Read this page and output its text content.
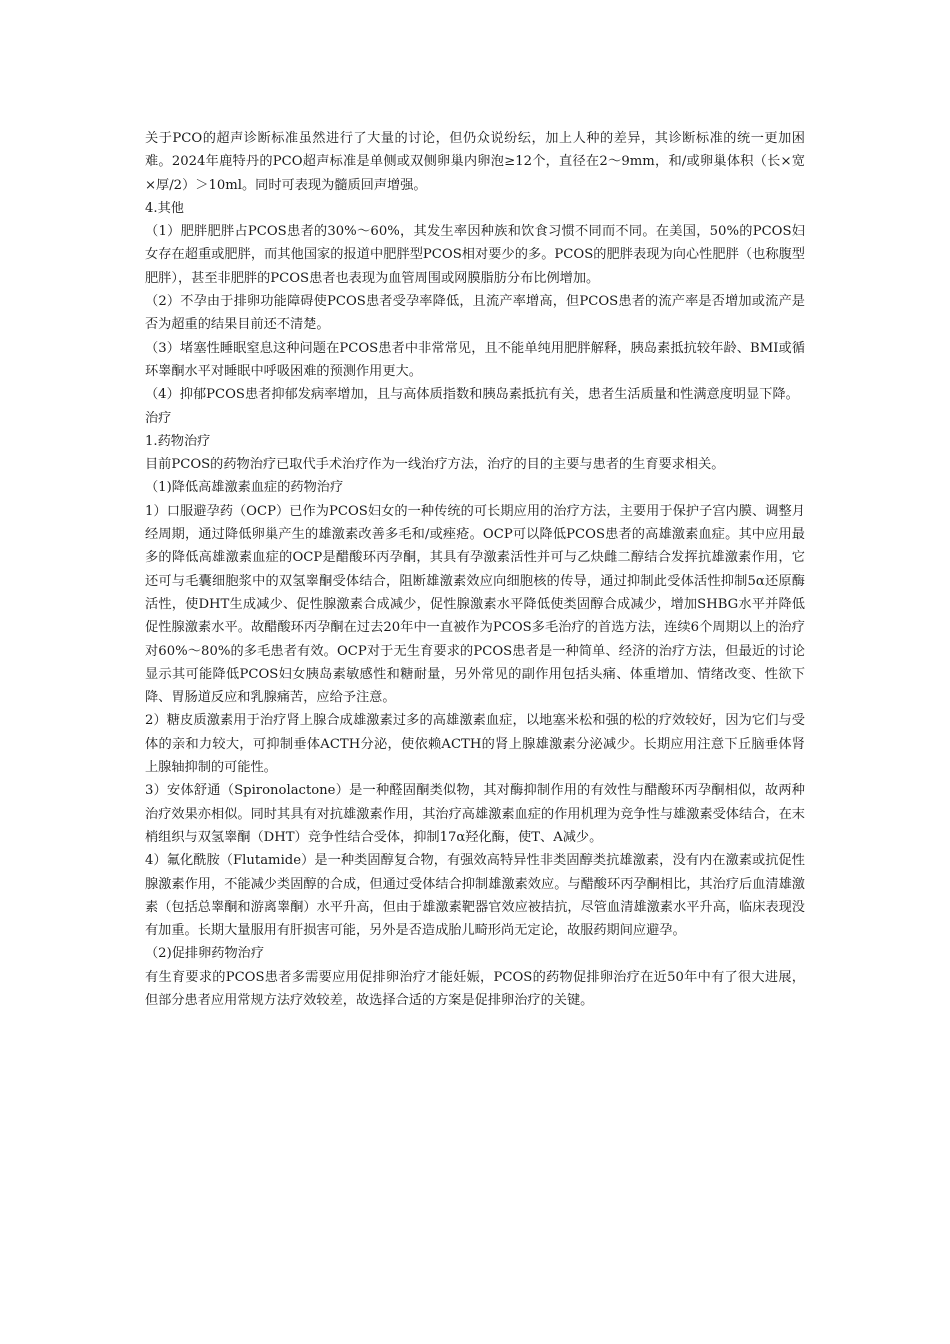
关于PCO的超声诊断标准虽然进行了大量的讨论，但仍众说纷纭，加上人种的差异，其诊断标准的统一更加困难。2024年鹿特丹的PCO超声标准是单侧或双侧卵巢内卵泡≥12个，直径在2～9mm，和/或卵巢体积（长×宽×厚/2）＞10ml。同时可表现为髓质回声增强。

4.其他

（1）肥胖肥胖占PCOS患者的30%～60%，其发生率因种族和饮食习惯不同而不同。在美国，50%的PCOS妇女存在超重或肥胖，而其他国家的报道中肥胖型PCOS相对要少的多。PCOS的肥胖表现为向心性肥胖（也称腹型肥胖），甚至非肥胖的PCOS患者也表现为血管周围或网膜脂肪分布比例增加。

（2）不孕由于排卵功能障碍使PCOS患者受孕率降低，且流产率增高，但PCOS患者的流产率是否增加或流产是否为超重的结果目前还不清楚。

（3）堵塞性睡眠窒息这种问题在PCOS患者中非常常见，且不能单纯用肥胖解释，胰岛素抵抗较年龄、BMI或循环睾酮水平对睡眠中呼吸困难的预测作用更大。

（4）抑郁PCOS患者抑郁发病率增加，且与高体质指数和胰岛素抵抗有关，患者生活质量和性满意度明显下降。

治疗

1.药物治疗

目前PCOS的药物治疗已取代手术治疗作为一线治疗方法，治疗的目的主要与患者的生育要求相关。

（1)降低高雄激素血症的药物治疗

1）口服避孕药（OCP）已作为PCOS妇女的一种传统的可长期应用的治疗方法，主要用于保护子宫内膜、调整月经周期，通过降低卵巢产生的雄激素改善多毛和/或痤疮。OCP可以降低PCOS患者的高雄激素血症。其中应用最多的降低高雄激素血症的OCP是醋酸环丙孕酮，其具有孕激素活性并可与乙炔雌二醇结合发挥抗雄激素作用，它还可与毛囊细胞浆中的双氢睾酮受体结合，阻断雄激素效应向细胞核的传导，通过抑制此受体活性抑制5α还原酶活性，使DHT生成减少、促性腺激素合成减少，促性腺激素水平降低使类固醇合成减少，增加SHBG水平并降低促性腺激素水平。故醋酸环丙孕酮在过去20年中一直被作为PCOS多毛治疗的首选方法，连续6个周期以上的治疗对60%～80%的多毛患者有效。OCP对于无生育要求的PCOS患者是一种简单、经济的治疗方法，但最近的讨论显示其可能降低PCOS妇女胰岛素敏感性和糖耐量，另外常见的副作用包括头痛、体重增加、情绪改变、性欲下降、胃肠道反应和乳腺痛苦，应给予注意。

2）糖皮质激素用于治疗肾上腺合成雄激素过多的高雄激素血症，以地塞米松和强的松的疗效较好，因为它们与受体的亲和力较大，可抑制垂体ACTH分泌，使依赖ACTH的肾上腺雄激素分泌减少。长期应用注意下丘脑垂体肾上腺轴抑制的可能性。

3）安体舒通（Spironolactone）是一种醛固酮类似物，其对酶抑制作用的有效性与醋酸环丙孕酮相似，故两种治疗效果亦相似。同时其具有对抗雄激素作用，其治疗高雄激素血症的作用机理为竞争性与雄激素受体结合，在末梢组织与双氢睾酮（DHT）竞争性结合受体，抑制17α羟化酶，使T、A减少。

4）氟化酰胺（Flutamide）是一种类固醇复合物，有强效高特异性非类固醇类抗雄激素，没有内在激素或抗促性腺激素作用，不能减少类固醇的合成，但通过受体结合抑制雄激素效应。与醋酸环丙孕酮相比，其治疗后血清雄激素（包括总睾酮和游离睾酮）水平升高，但由于雄激素靶器官效应被拮抗，尽管血清雄激素水平升高，临床表现没有加重。长期大量服用有肝损害可能，另外是否造成胎儿畸形尚无定论，故服药期间应避孕。

（2)促排卵药物治疗

有生育要求的PCOS患者多需要应用促排卵治疗才能妊娠，PCOS的药物促排卵治疗在近50年中有了很大进展，但部分患者应用常规方法疗效较差，故选择合适的方案是促排卵治疗的关键。
